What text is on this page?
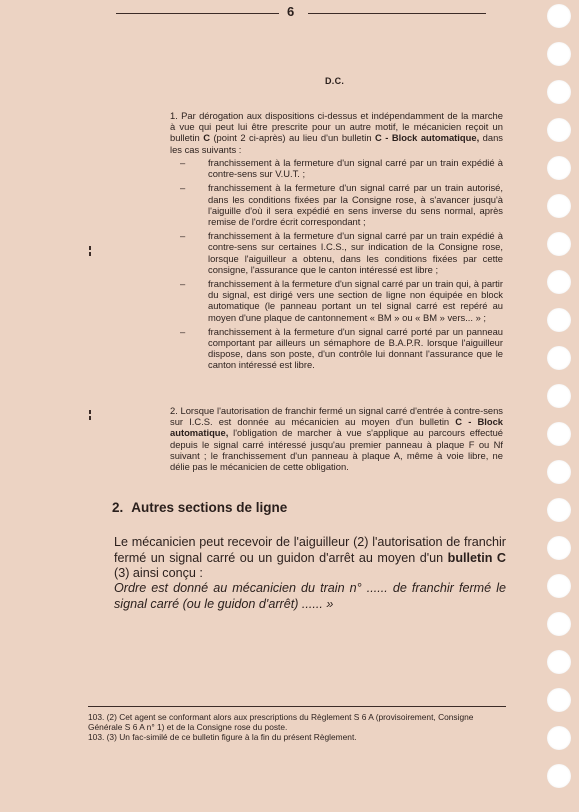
6
D.C.
1. Par dérogation aux dispositions ci-dessus et indépendamment de la marche à vue qui peut lui être prescrite pour un autre motif, le mécanicien reçoit un bulletin C (point 2 ci-après) au lieu d'un bulletin C - Block automatique, dans les cas suivants :
– franchissement à la fermeture d'un signal carré par un train expédié à contre-sens sur V.U.T. ;
– franchissement à la fermeture d'un signal carré par un train autorisé, dans les conditions fixées par la Consigne rose, à s'avancer jusqu'à l'aiguille d'où il sera expédié en sens inverse du sens normal, après remise de l'ordre écrit correspondant ;
– franchissement à la fermeture d'un signal carré par un train expédié à contre-sens sur certaines I.C.S., sur indication de la Consigne rose, lorsque l'aiguilleur a obtenu, dans les conditions fixées par cette consigne, l'assurance que le canton intéressé est libre ;
– franchissement à la fermeture d'un signal carré par un train qui, à partir du signal, est dirigé vers une section de ligne non équipée en block automatique (le panneau portant un tel signal carré est repéré au moyen d'une plaque de cantonnement « BM » ou « BM » vers... » ;
– franchissement à la fermeture d'un signal carré porté par un panneau comportant par ailleurs un sémaphore de B.A.P.R. lorsque l'aiguilleur dispose, dans son poste, d'un contrôle lui donnant l'assurance que le canton intéressé est libre.
2. Lorsque l'autorisation de franchir fermé un signal carré d'entrée à contre-sens sur I.C.S. est donnée au mécanicien au moyen d'un bulletin C - Block automatique, l'obligation de marcher à vue s'applique au parcours effectué depuis le signal carré intéressé jusqu'au premier panneau à plaque F ou Nf suivant ; le franchissement d'un panneau à plaque A, même à voie libre, ne délie pas le mécanicien de cette obligation.
2. Autres sections de ligne
Le mécanicien peut recevoir de l'aiguilleur (2) l'autorisation de franchir fermé un signal carré ou un guidon d'arrêt au moyen d'un bulletin C (3) ainsi conçu :
Ordre est donné au mécanicien du train n° ...... de franchir fermé le signal carré (ou le guidon d'arrêt) ...... »
103. (2) Cet agent se conformant alors aux prescriptions du Règlement S 6 A (provisoirement, Consigne Générale S 6 A n° 1) et de la Consigne rose du poste.
103. (3) Un fac-similé de ce bulletin figure à la fin du présent Règlement.
